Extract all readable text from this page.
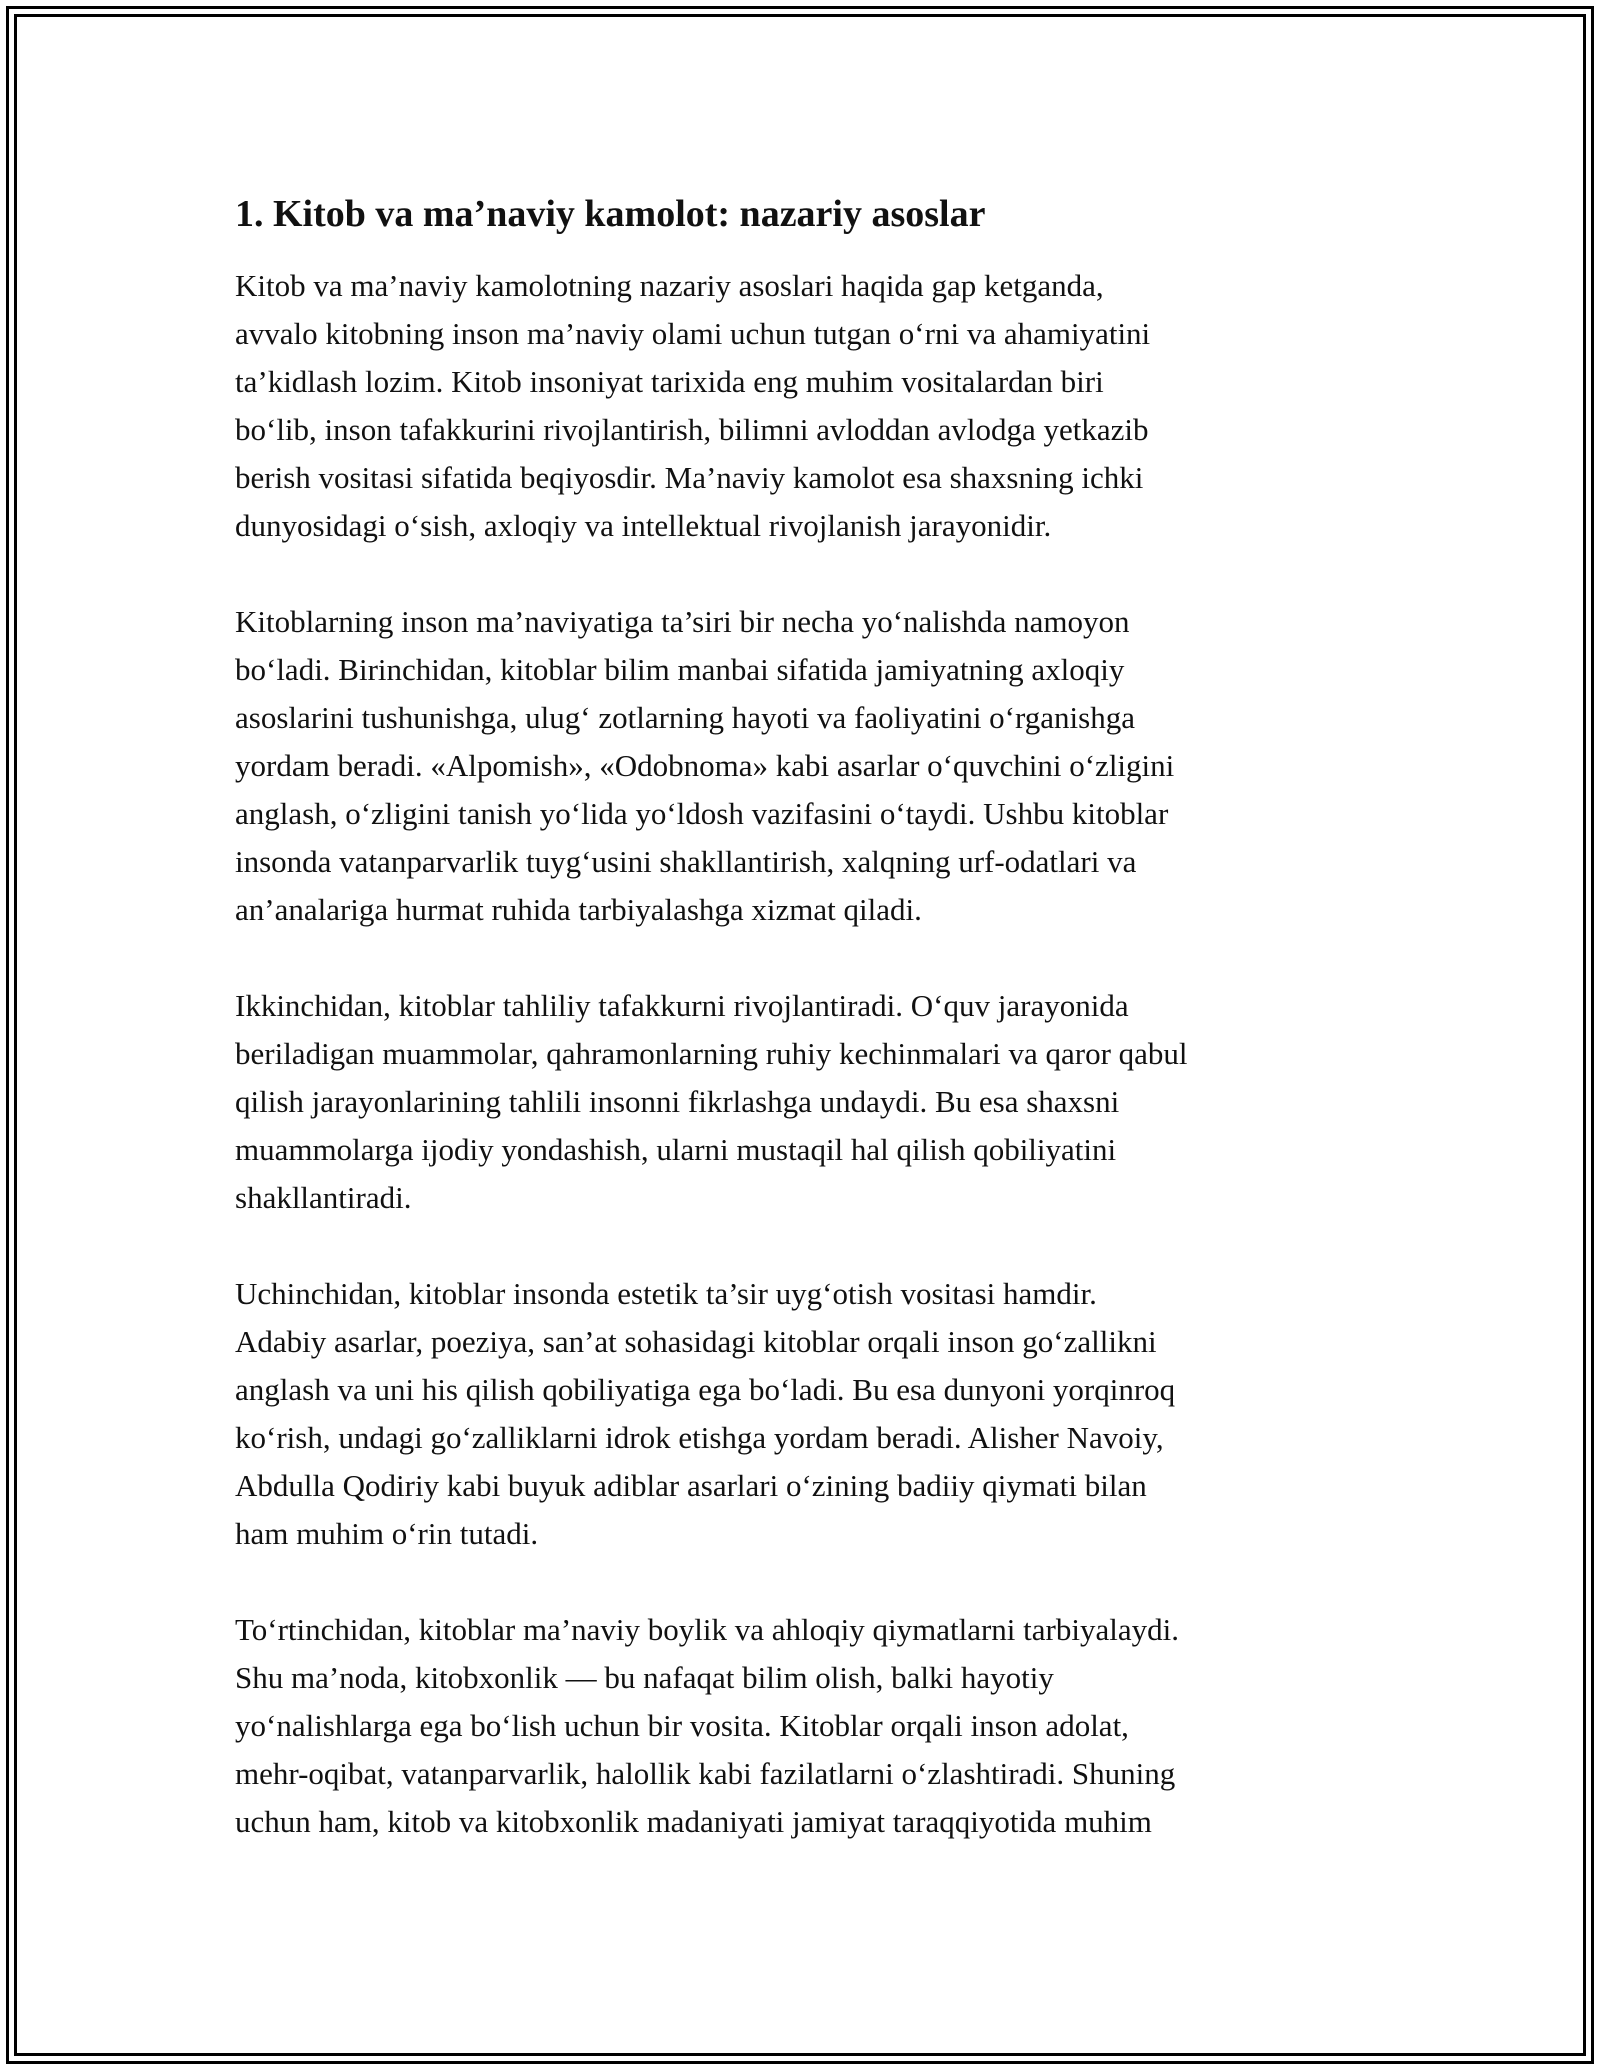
1. Kitob va ma’naviy kamolot: nazariy asoslar
Kitob va ma’naviy kamolotning nazariy asoslari haqida gap ketganda,
avvalo kitobning inson ma’naviy olami uchun tutgan o‘rni va ahamiyatini
ta’kidlash lozim. Kitob insoniyat tarixida eng muhim vositalardan biri
bo‘lib, inson tafakkurini rivojlantirish, bilimni avloddan avlodga yetkazib
berish vositasi sifatida beqiyosdir. Ma’naviy kamolot esa shaxsning ichki
dunyosidagi o‘sish, axloqiy va intellektual rivojlanish jarayonidir.
Kitoblarning inson ma’naviyatiga ta’siri bir necha yo‘nalishda namoyon
bo‘ladi. Birinchidan, kitoblar bilim manbai sifatida jamiyatning axloqiy
asoslarini tushunishga, ulug‘ zotlarning hayoti va faoliyatini o‘rganishga
yordam beradi. «Alpomish», «Odobnoma» kabi asarlar o‘quvchini o‘zligini
anglash, o‘zligini tanish yo‘lida yo‘ldosh vazifasini o‘taydi. Ushbu kitoblar
insonda vatanparvarlik tuyg‘usini shakllantirish, xalqning urf-odatlari va
an’analariga hurmat ruhida tarbiyalashga xizmat qiladi.
Ikkinchidan, kitoblar tahliliy tafakkurni rivojlantiradi. O‘quv jarayonida
beriladigan muammolar, qahramonlarning ruhiy kechinmalari va qaror qabul
qilish jarayonlarining tahlili insonni fikrlashga undaydi. Bu esa shaxsni
muammolarga ijodiy yondashish, ularni mustaqil hal qilish qobiliyatini
shakllantiradi.
Uchinchidan, kitoblar insonda estetik ta’sir uyg‘otish vositasi hamdir.
Adabiy asarlar, poeziya, san’at sohasidagi kitoblar orqali inson go‘zallikni
anglash va uni his qilish qobiliyatiga ega bo‘ladi. Bu esa dunyoni yorqinroq
ko‘rish, undagi go‘zalliklarni idrok etishga yordam beradi. Alisher Navoiy,
Abdulla Qodiriy kabi buyuk adiblar asarlari o‘zining badiiy qiymati bilan
ham muhim o‘rin tutadi.
To‘rtinchidan, kitoblar ma’naviy boylik va ahloqiy qiymatlarni tarbiyalaydi.
Shu ma’noda, kitobxonlik — bu nafaqat bilim olish, balki hayotiy
yo‘nalishlarga ega bo‘lish uchun bir vosita. Kitoblar orqali inson adolat,
mehr-oqibat, vatanparvarlik, halollik kabi fazilatlarni o‘zlashtiradi. Shuning
uchun ham, kitob va kitobxonlik madaniyati jamiyat taraqqiyotida muhim
